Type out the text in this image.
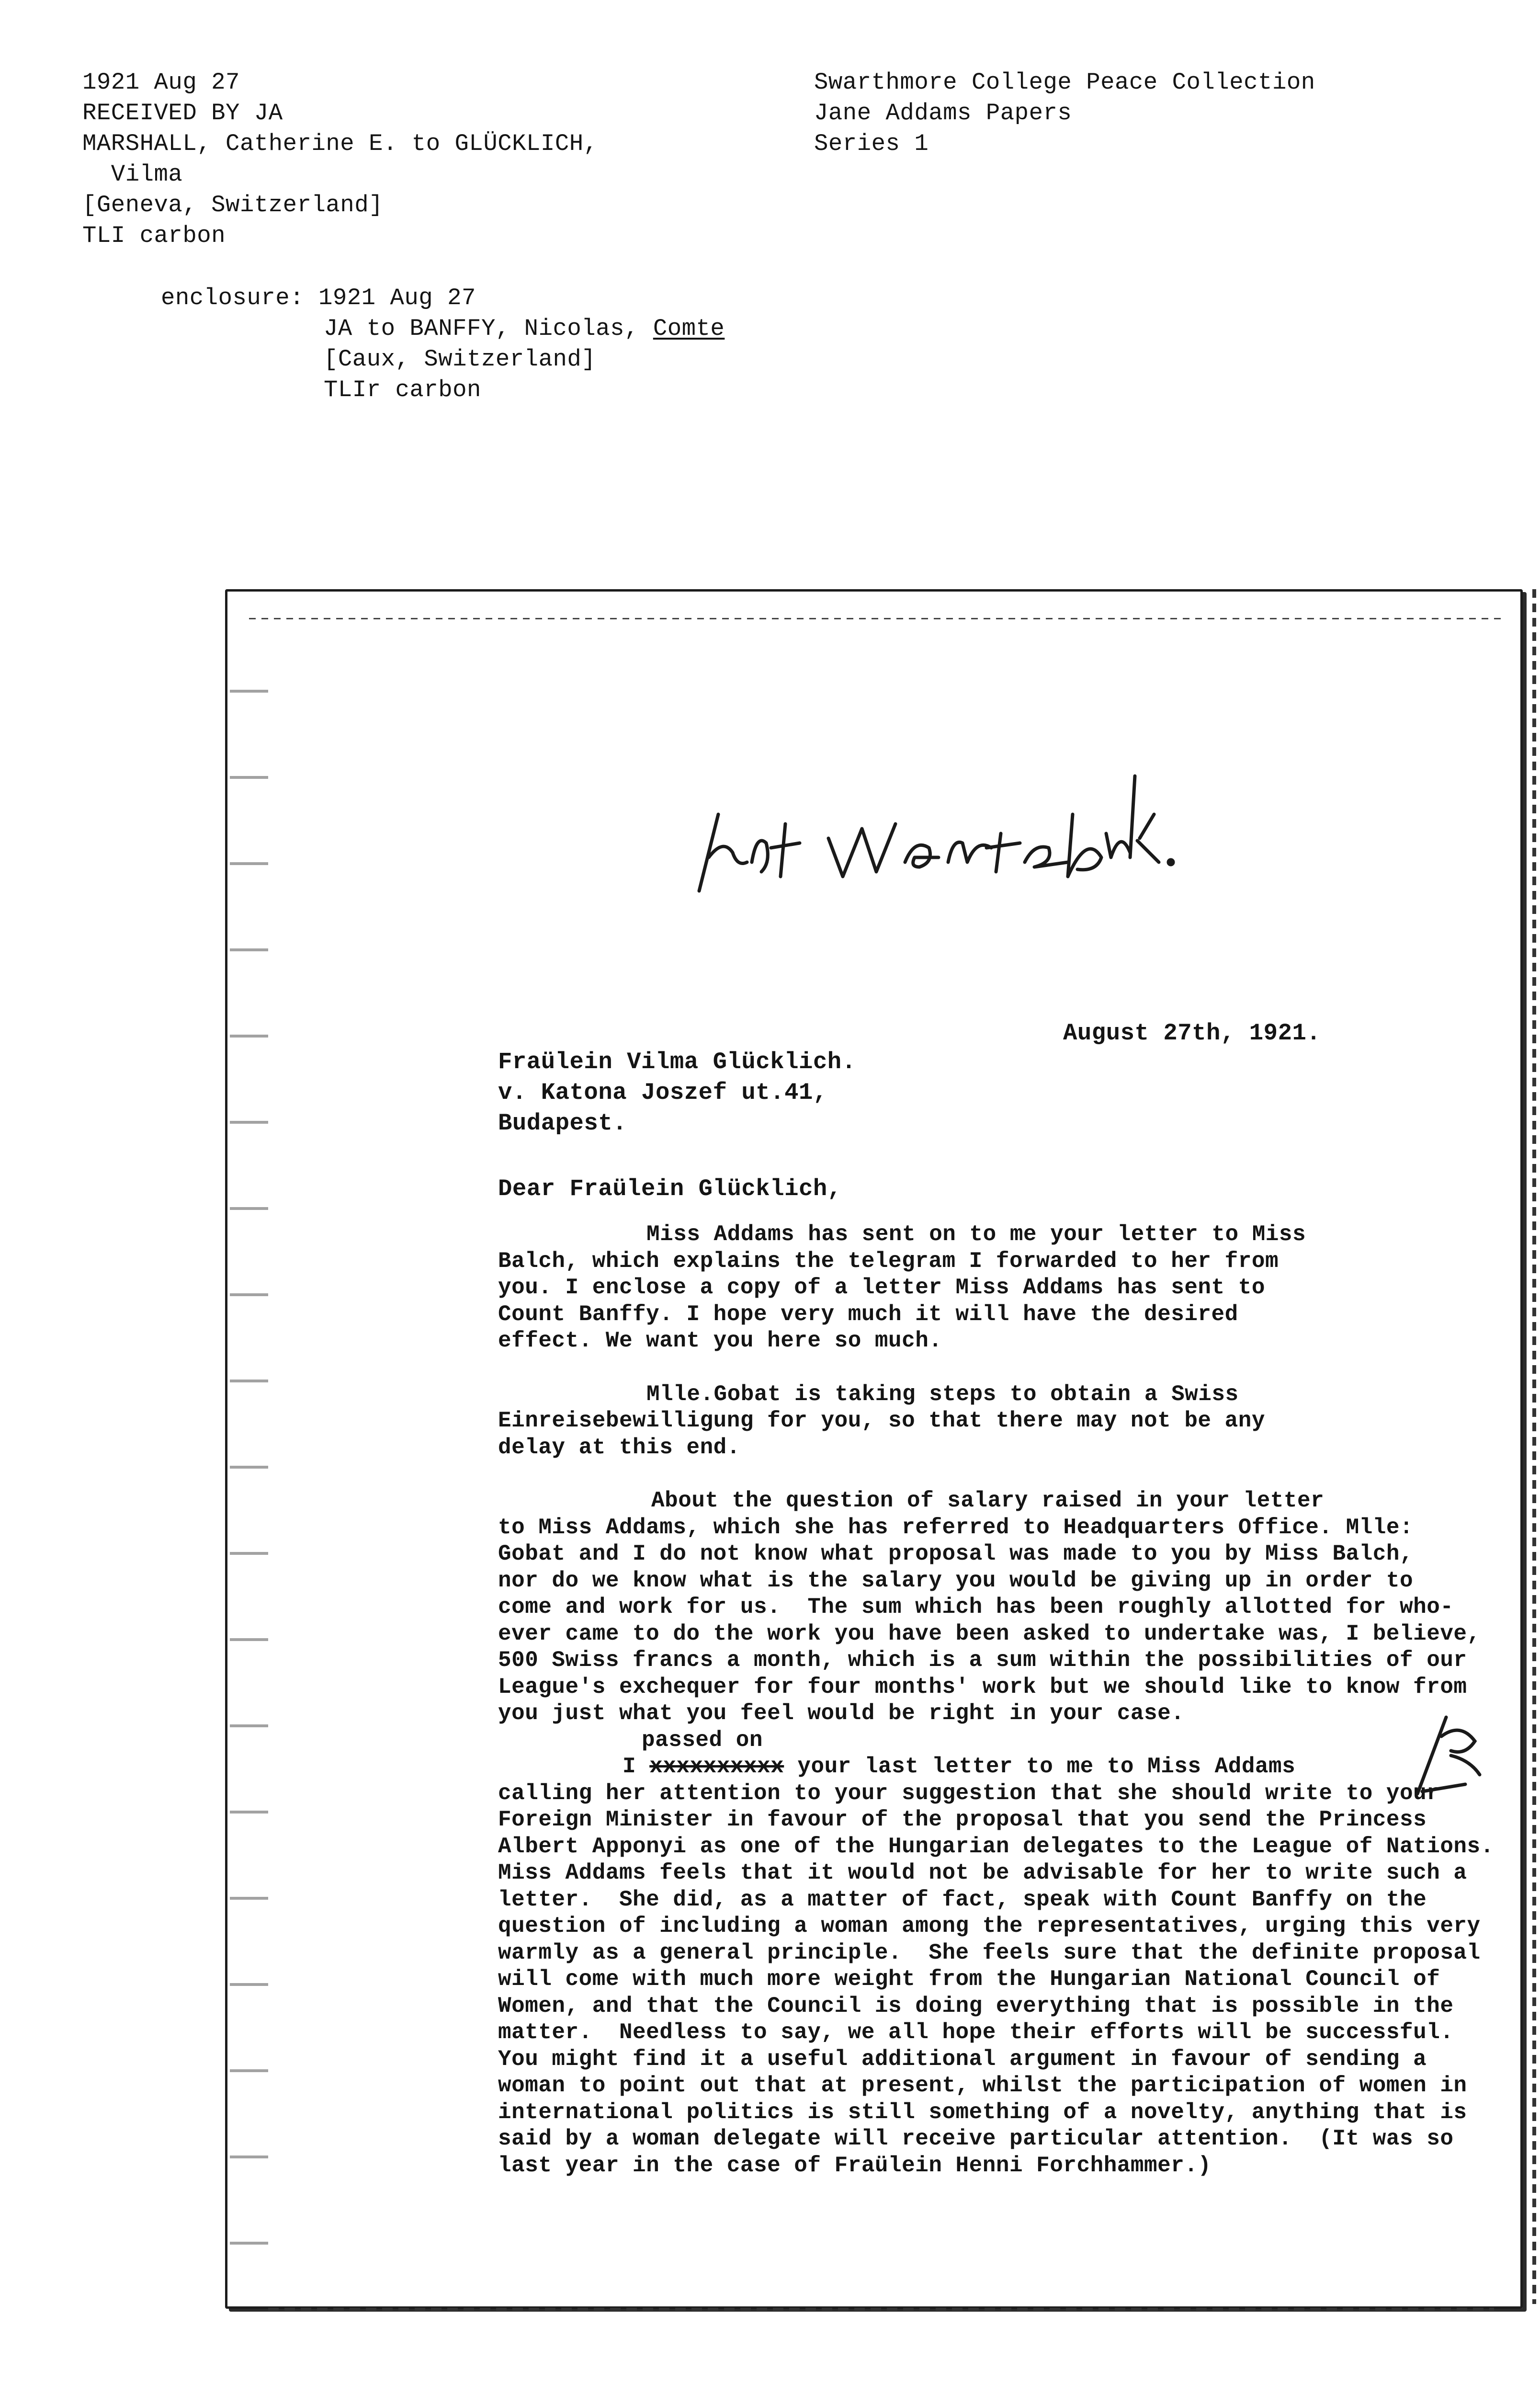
1921 Aug 27
RECEIVED BY JA
MARSHALL, Catherine E. to GLÜCKLICH,
Vilma
[Geneva, Switzerland]
TLI carbon
Swarthmore College Peace Collection
Jane Addams Papers
Series 1
enclosure: 1921 Aug 27
JA to BANFFY, Nicolas, Comte
[Caux, Switzerland]
TLIr carbon
August 27th, 1921.
Fraülein Vilma Glücklich.
v. Katona Joszef ut.41,
Budapest.
Dear Fraülein Glücklich,
Miss Addams has sent on to me your letter to Miss
Balch, which explains the telegram I forwarded to her from
you. I enclose a copy of a letter Miss Addams has sent to
Count Banffy. I hope very much it will have the desired
effect. We want you here so much.
Mlle.Gobat is taking steps to obtain a Swiss
Einreisebewilligung for you, so that there may not be any
delay at this end.
About the question of salary raised in your letter
to Miss Addams, which she has referred to Headquarters Office. Mlle:
Gobat and I do not know what proposal was made to you by Miss Balch,
nor do we know what is the salary you would be giving up in order to
come and work for us.  The sum which has been roughly allotted for who-
ever came to do the work you have been asked to undertake was, I believe,
500 Swiss francs a month, which is a sum within the possibilities of our
League's exchequer for four months' work but we should like to know from
you just what you feel would be right in your case.
passed on
I xxxxxxxxxx your last letter to me to Miss Addams
calling her attention to your suggestion that she should write to your
Foreign Minister in favour of the proposal that you send the Princess
Albert Apponyi as one of the Hungarian delegates to the League of Nations.
Miss Addams feels that it would not be advisable for her to write such a
letter.  She did, as a matter of fact, speak with Count Banffy on the
question of including a woman among the representatives, urging this very
warmly as a general principle.  She feels sure that the definite proposal
will come with much more weight from the Hungarian National Council of
Women, and that the Council is doing everything that is possible in the
matter.  Needless to say, we all hope their efforts will be successful.
You might find it a useful additional argument in favour of sending a
woman to point out that at present, whilst the participation of women in
international politics is still something of a novelty, anything that is
said by a woman delegate will receive particular attention.  (It was so
last year in the case of Fraülein Henni Forchhammer.)
